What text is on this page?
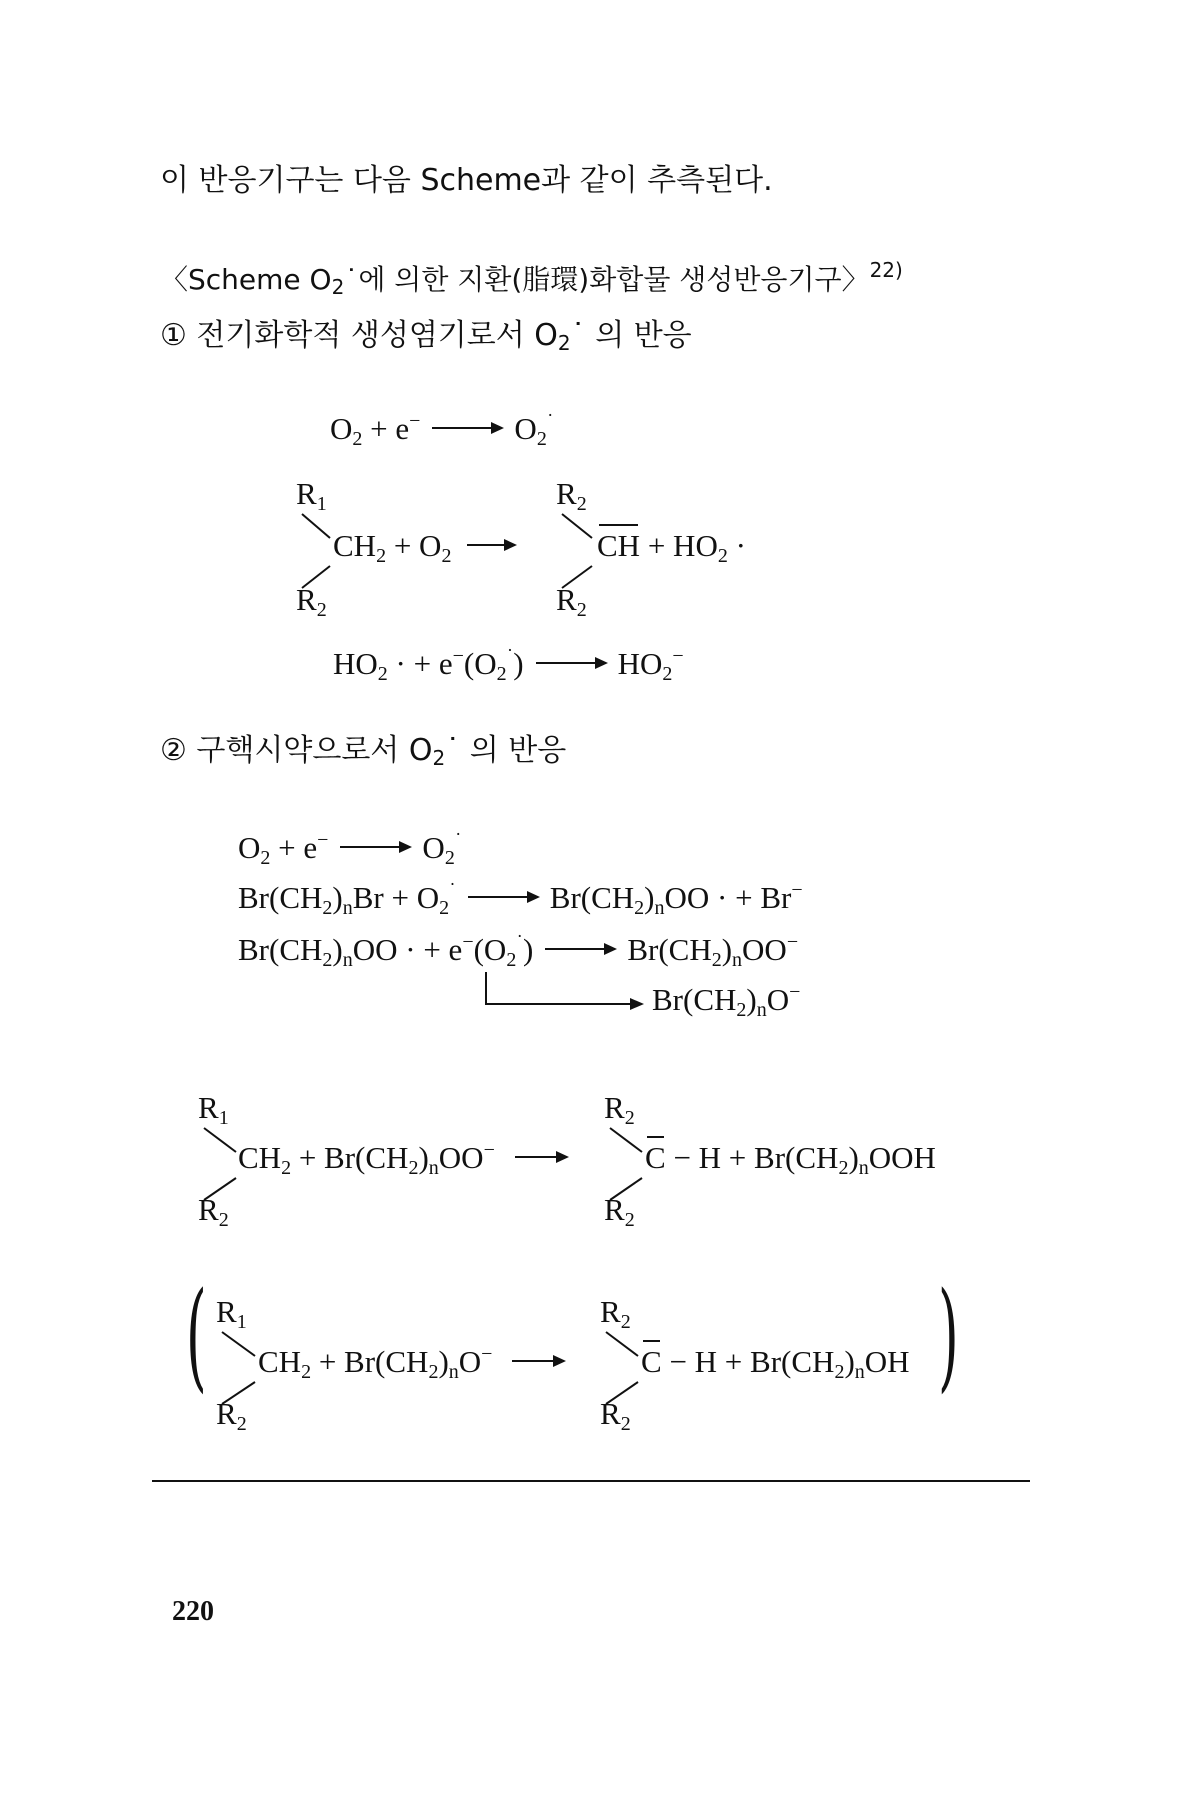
이 반응기구는 다음 Scheme과 같이 추측된다.
〈Scheme O2˙에 의한 지환(脂環)화합물 생성반응기구〉$^{22)}$
① 전기화학적 생성염기로서 O2˙ 의 반응
$O_2 + e^- \to O_2^˙$
$R_1$
$R_2$
$CH_2 + O_2$ →
$R_2$
$R_2$
CH + $HO_2$ ·
$HO_2$ · + $e^-(O_2^˙) \to HO_2^-$
② 구핵시약으로서 O2˙ 의 반응
$O_2 + e^- \to O_2^˙$
$Br(CH_2)_nBr + O_2^˙ \to Br(CH_2)_nOO$ · + Br−
$Br(CH_2)_nOO$ · + $e^-(O_2^˙) \to Br(CH_2)_nOO^-$
$Br(CH_2)_nO^-$
$R_1$
$R_2$
$CH_2 + Br(CH_2)_nOO^-$ →
$R_2$
$R_2$
$C - H + Br(CH_2)_nOOH$
(	)
$R_1$
$R_2$
$CH_2 + Br(CH_2)_nO^-$ →
$R_2$
$R_2$
$C - H + Br(CH_2)_nOH$
220
